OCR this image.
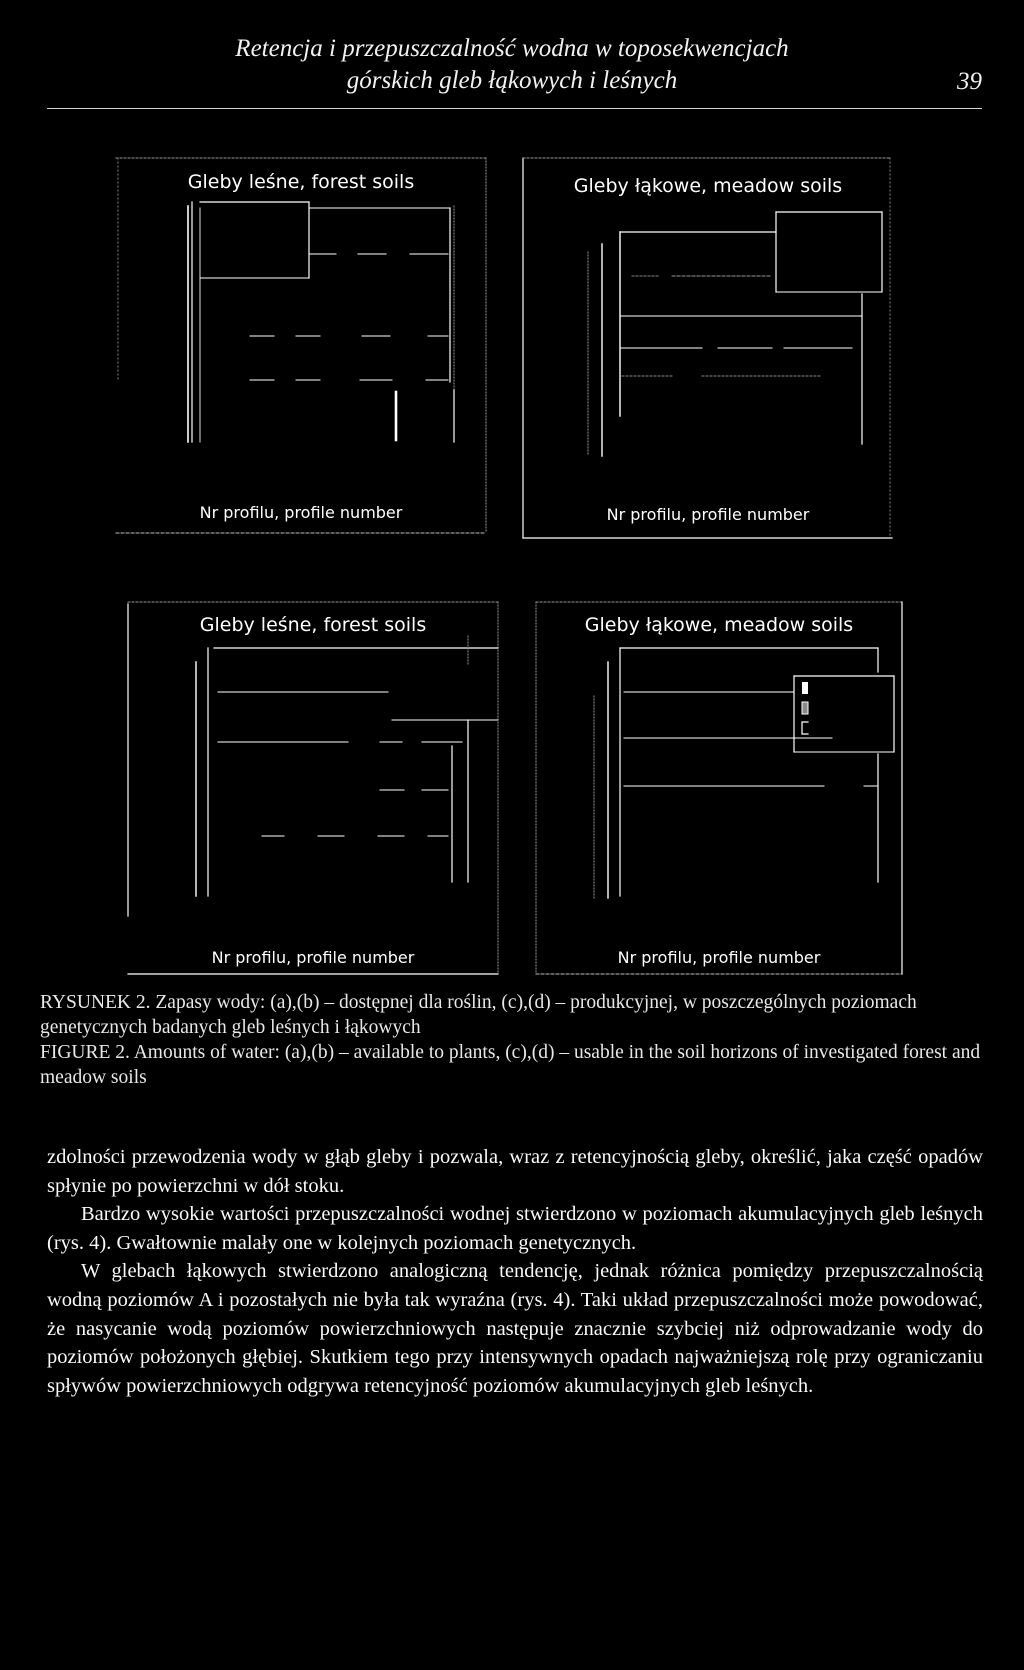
Retencja i przepuszczalność wodna w toposekwencjach
górskich gleb łąkowych i leśnych	39
Gleby leśne, forest soils
Nr profilu, profile number
Gleby łąkowe, meadow soils
Nr profilu, profile number
Gleby leśne, forest soils
Nr profilu, profile number
Gleby łąkowe, meadow soils
Nr profilu, profile number
RYSUNEK 2. Zapasy wody: (a),(b) – dostępnej dla roślin, (c),(d) – produkcyjnej, w poszczególnych poziomach genetycznych badanych gleb leśnych i łąkowych
FIGURE 2. Amounts of water: (a),(b) – available to plants, (c),(d) – usable in the soil horizons of investigated forest and meadow soils

zdolności przewodzenia wody w głąb gleby i pozwala, wraz z retencyjnością gleby, określić, jaka część opadów spłynie po powierzchni w dół stoku.

Bardzo wysokie wartości przepuszczalności wodnej stwierdzono w poziomach akumulacyjnych gleb leśnych (rys. 4). Gwałtownie malały one w kolejnych poziomach genetycznych.

W glebach łąkowych stwierdzono analogiczną tendencję, jednak różnica pomiędzy przepuszczalnością wodną poziomów A i pozostałych nie była tak wyraźna (rys. 4). Taki układ przepuszczalności może powodować, że nasycanie wodą poziomów powierzchniowych następuje znacznie szybciej niż odprowadzanie wody do poziomów położonych głębiej. Skutkiem tego przy intensywnych opadach najważniejszą rolę przy ograniczaniu spływów powierzchniowych odgrywa retencyjność poziomów akumulacyjnych gleb leśnych.
